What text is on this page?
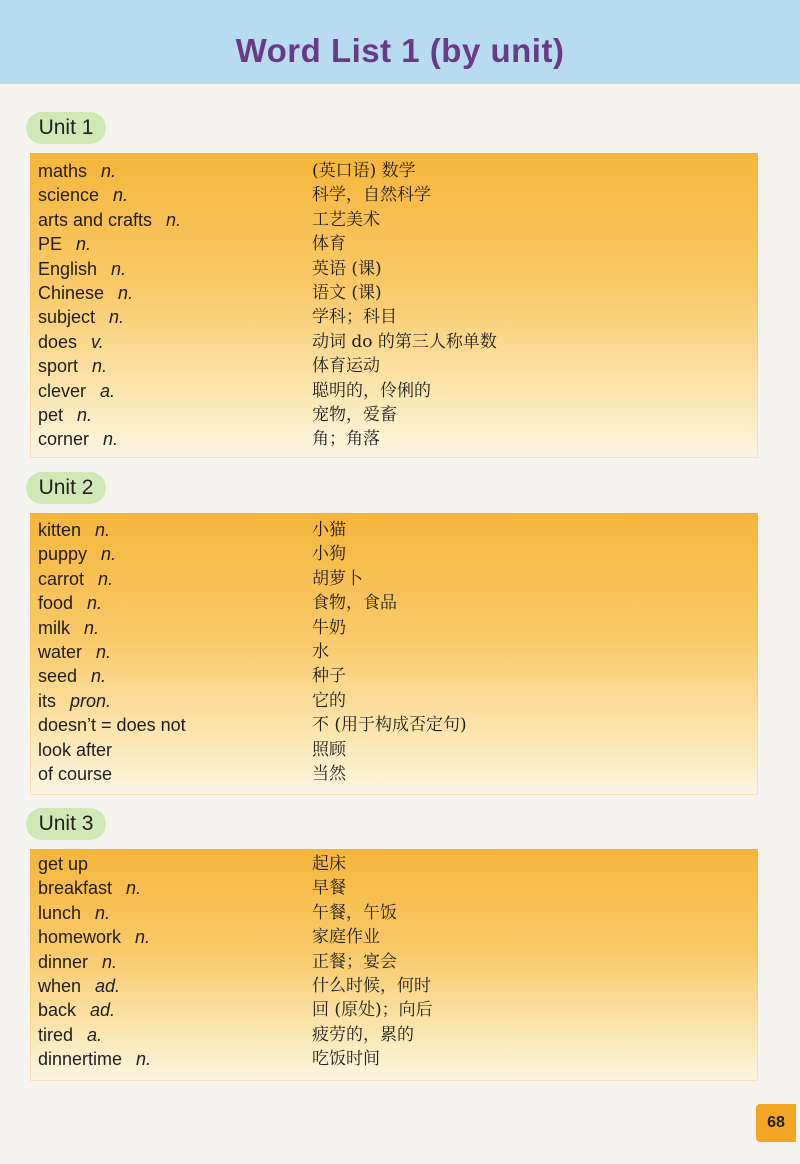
Word List 1 (by unit)
Unit 1
maths n.	(英口语) 数学
science n.	科学，自然科学
arts and crafts n.	工艺美术
PE n.	体育
English n.	英语 (课)
Chinese n.	语文 (课)
subject n.	学科；科目
does v.	动词 do 的第三人称单数
sport n.	体育运动
clever a.	聪明的，伶俐的
pet n.	宠物，爱畜
corner n.	角；角落
Unit 2
kitten n.	小猫
puppy n.	小狗
carrot n.	胡萝卜
food n.	食物，食品
milk n.	牛奶
water n.	水
seed n.	种子
its pron.	它的
doesn’t = does not	不 (用于构成否定句)
look after	照顾
of course	当然
Unit 3
get up	起床
breakfast n.	早餐
lunch n.	午餐，午饭
homework n.	家庭作业
dinner n.	正餐；宴会
when ad.	什么时候，何时
back ad.	回 (原处)；向后
tired a.	疲劳的，累的
dinnertime n.	吃饭时间
68
